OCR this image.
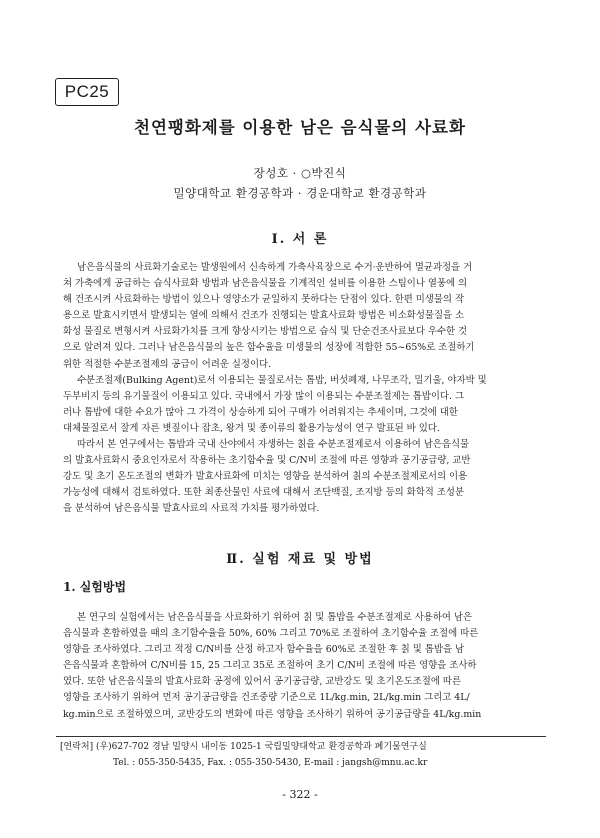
PC25
천연팽화제를 이용한 남은 음식물의 사료화
장성호 · ○박진식
밀양대학교 환경공학과 · 경운대학교 환경공학과
Ⅰ. 서 론

남은음식물의 사료화기술로는 발생원에서 신속하게 가축사육장으로 수거·운반하여 멸균과정을 거
쳐 가축에게 공급하는 습식사료화 방법과 남은음식물을 기계적인 설비를 이용한 스팀이나 열풍에 의
해 건조시켜 사료화하는 방법이 있으나 영양소가 균일하지 못하다는 단점이 있다. 한편 미생물의 작
용으로 발효시키면서 발생되는 열에 의해서 건조가 진행되는 발효사료화 방법은 비소화성물질을 소
화성 물질로 변형시켜 사료화가치를 크게 향상시키는 방법으로 습식 및 단순건조사료보다 우수한 것
으로 알려져 있다. 그러나 남은음식물의 높은 함수율을 미생물의 성장에 적합한 55~65%로 조절하기
위한 적절한 수분조절제의 공급이 어려운 실정이다.

수분조절제(Bulking Agent)로서 이용되는 물질로서는 톱밥, 버섯폐재, 나무조각, 밀기울, 야자박 및
두부비지 등의 유기물질이 이용되고 있다. 국내에서 가장 많이 이용되는 수분조절제는 톱밥이다. 그
러나 톱밥에 대한 수요가 많아 그 가격이 상승하게 되어 구매가 어려워지는 추세이며, 그것에 대한
대체물질로서 잘게 자른 볏짚이나 잡초, 왕겨 및 종이류의 활용가능성이 연구 발표된 바 있다.

따라서 본 연구에서는 톱밥과 국내 산야에서 자생하는 칡을 수분조절제로서 이용하여 남은음식물
의 발효사료화시 중요인자로서 작용하는 초기함수율 및 C/N비 조절에 따른 영향과 공기공급량, 교반
강도 및 초기 온도조절의 변화가 발효사료화에 미치는 영향을 분석하여 칡의 수분조절제로서의 이용
가능성에 대해서 검토하였다. 또한 최종산물인 사료에 대해서 조단백질, 조지방 등의 화학적 조성분
을 분석하여 남은음식물 발효사료의 사료적 가치를 평가하였다.

Ⅱ. 실험 재료 및 방법
1. 실험방법

본 연구의 실험에서는 남은음식물을 사료화하기 위하여 칡 및 톱밥을 수분조절제로 사용하여 남은
음식물과 혼합하였을 때의 초기함수율을 50%, 60% 그리고 70%로 조절하여 초기함수율 조절에 따른
영향을 조사하였다. 그리고 적정 C/N비를 산정 하고자 함수율을 60%로 조절한 후 칡 및 톱밥을 남
은음식물과 혼합하여 C/N비를 15, 25 그리고 35로 조절하여 초기 C/N비 조절에 따른 영향을 조사하
였다. 또한 남은음식물의 발효사료화 공정에 있어서 공기공급량, 교반강도 및 초기온도조절에 따른
영향을 조사하기 위하여 먼저 공기공급량을 건조중량 기준으로 1L/kg.min, 2L/kg.min 그리고 4L/
kg.min으로 조절하였으며, 교반강도의 변화에 따른 영향을 조사하기 위하여 공기공급량을 4L/kg.min

[연락처] (우)627-702 경남 밀양시 내이동 1025-1 국립밀양대학교 환경공학과 폐기물연구실
Tel. : 055-350-5435, Fax. : 055-350-5430, E-mail : jangsh@mnu.ac.kr
- 322 -
